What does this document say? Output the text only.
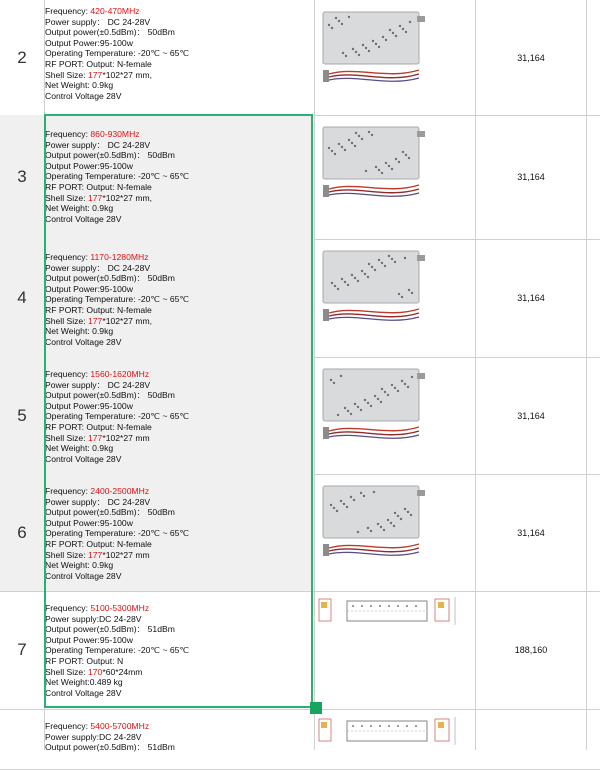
2
Frequency: 420-470MHz
Power supply： DC 24-28V
Output power(±0.5dBm)： 50dBm
Output Power:95-100w
Operating Temperature: -20℃ ~ 65℃
RF PORT: Output: N-female
Shell Size: 177*102*27 mm,
Net Weight: 0.9kg
Control Voltage 28V
31,164
3
Frequency: 860-930MHz
Power supply： DC 24-28V
Output power(±0.5dBm)： 50dBm
Output Power:95-100w
Operating Temperature: -20℃ ~ 65℃
RF PORT: Output: N-female
Shell Size: 177*102*27 mm,
Net Weight: 0.9kg
Control Voltage 28V
31,164
4
Frequency: 1170-1280MHz
Power supply： DC 24-28V
Output power(±0.5dBm)： 50dBm
Output Power:95-100w
Operating Temperature: -20℃ ~ 65℃
RF PORT: Output: N-female
Shell Size: 177*102*27 mm,
Net Weight: 0.9kg
Control Voltage 28V
31,164
5
Frequency: 1560-1620MHz
Power supply： DC 24-28V
Output power(±0.5dBm)： 50dBm
Output Power:95-100w
Operating Temperature: -20℃ ~ 65℃
RF PORT: Output: N-female
Shell Size: 177*102*27 mm
Net Weight: 0.9kg
Control Voltage 28V
31,164
6
Frequency: 2400-2500MHz
Power supply： DC 24-28V
Output power(±0.5dBm)： 50dBm
Output Power:95-100w
Operating Temperature: -20℃ ~ 65℃
RF PORT: Output: N-female
Shell Size: 177*102*27 mm
Net Weight: 0.9kg
Control Voltage 28V
31,164
7
Frequency: 5100-5300MHz
Power supply:DC 24-28V
Output power(±0.5dBm)： 51dBm
Output Power:95-100w
Operating Temperature: -20℃ ~ 65℃
RF PORT: Output: N
Shell Size: 170*60*24mm
Net Weight:0.489 kg
Control Voltage 28V
188,160
Frequency: 5400-5700MHz
Power supply:DC 24-28V
Output power(±0.5dBm)： 51dBm
